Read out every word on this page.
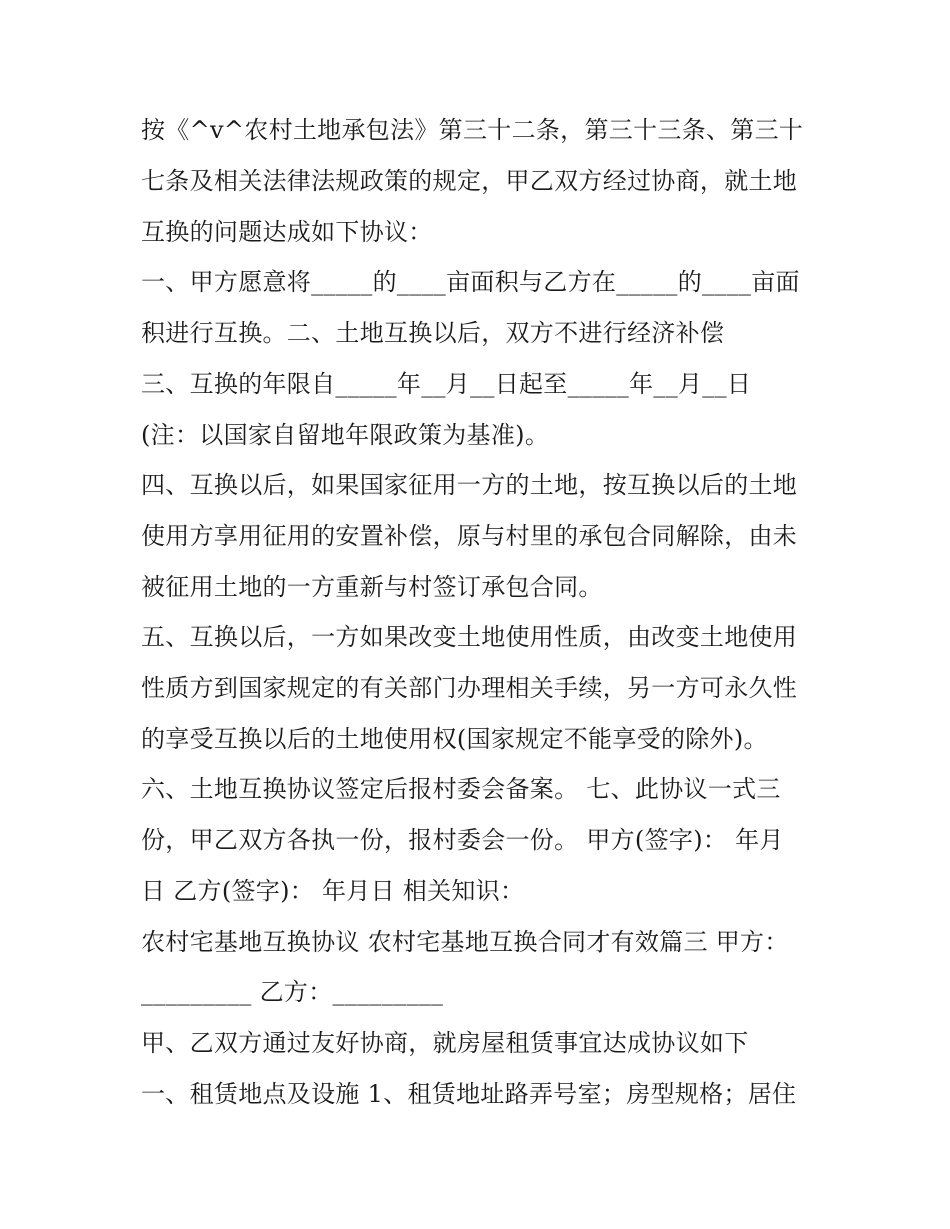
按《^v^农村土地承包法》第三十二条，第三十三条、第三十

七条及相关法律法规政策的规定，甲乙双方经过协商，就土地

互换的问题达成如下协议：

一、甲方愿意将_____的____亩面积与乙方在_____的____亩面

积进行互换。二、土地互换以后，双方不进行经济补偿

三、互换的年限自_____年__月__日起至_____年__月__日

(注：以国家自留地年限政策为基准)。

四、互换以后，如果国家征用一方的土地，按互换以后的土地

使用方享用征用的安置补偿，原与村里的承包合同解除，由未

被征用土地的一方重新与村签订承包合同。

五、互换以后，一方如果改变土地使用性质，由改变土地使用

性质方到国家规定的有关部门办理相关手续，另一方可永久性

的享受互换以后的土地使用权(国家规定不能享受的除外)。

六、土地互换协议签定后报村委会备案。 七、此协议一式三

份，甲乙双方各执一份，报村委会一份。 甲方(签字)： 年月

日 乙方(签字)： 年月日 相关知识：

农村宅基地互换协议 农村宅基地互换合同才有效篇三 甲方：

_________ 乙方：_________

甲、乙双方通过友好协商，就房屋租赁事宜达成协议如下

一、租赁地点及设施 1、租赁地址路弄号室；房型规格；居住
